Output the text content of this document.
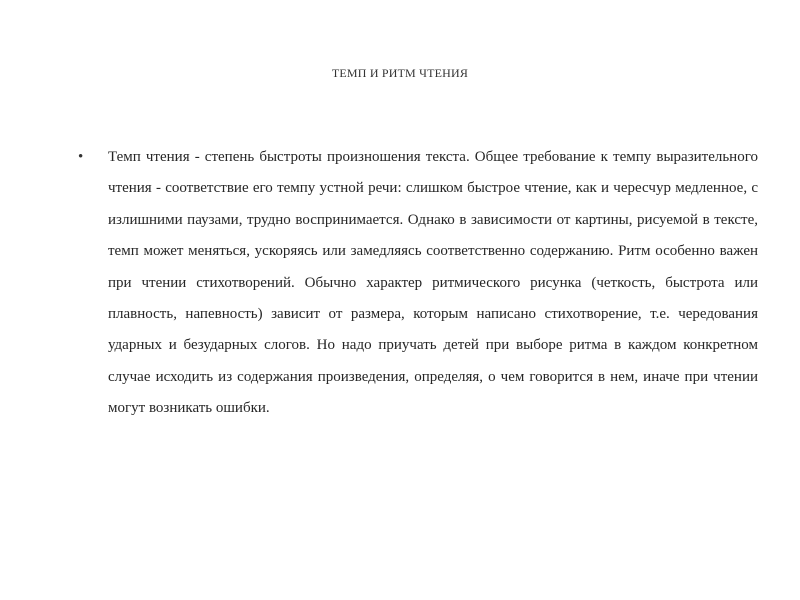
ТЕМП И РИТМ ЧТЕНИЯ
• Темп чтения - степень быстроты произношения текста. Общее требование к темпу выразительного чтения - соответствие его темпу устной речи: слишком быстрое чтение, как и чересчур медленное, с излишними паузами, трудно воспринимается. Однако в зависимости от картины, рисуемой в тексте, темп может меняться, ускоряясь или замедляясь соответственно содержанию. Ритм особенно важен при чтении стихотворений. Обычно характер ритмического рисунка (четкость, быстрота или плавность, напевность) зависит от размера, которым написано стихотворение, т.е. чередования ударных и безударных слогов. Но надо приучать детей при выборе ритма в каждом конкретном случае исходить из содержания произведения, определяя, о чем говорится в нем, иначе при чтении могут возникать ошибки.
